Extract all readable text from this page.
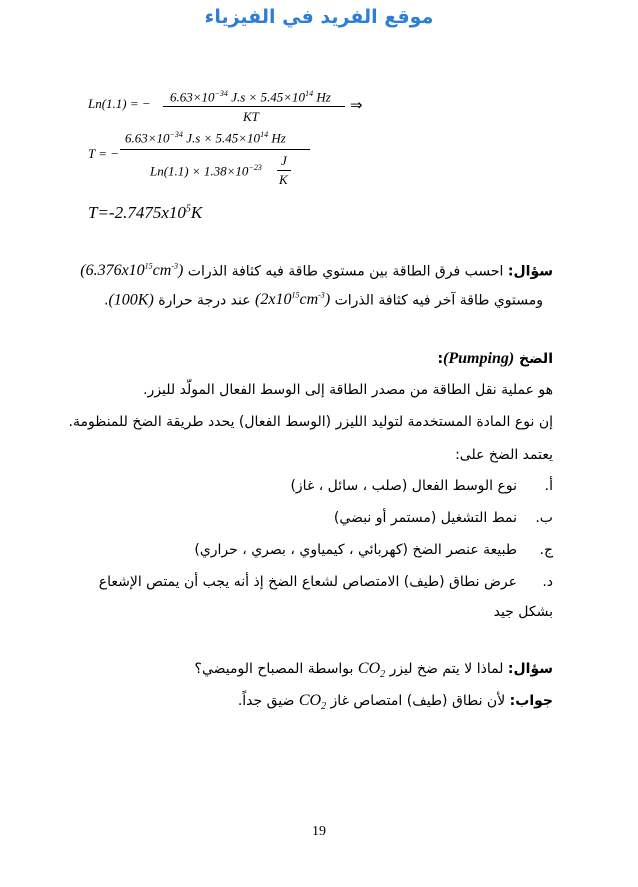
موقع الفريد في الفيزياء
Ln(1.1) = − $6.63\times 10^{-34}$ $J.s \times 5.45\times 10^{14}$ Hz
KT
⇒
T = −
$6.63\times 10^{-34}$ $J.s \times 5.45\times 10^{14}$ Hz
$Ln(1.1) \times 1.38\times 10^{-23}$ J
K
$T=-2.7475x10^5K$
سؤال: احسب فرق الطاقة بين مستوي طاقة فيه كثافة الذرات $(6.376x10^{15}cm^{-3})$
ومستوي طاقة آخر فيه كثافة الذرات $(2x10^{15}cm^{-3})$ عند درجة حرارة (100K).
الضخ (Pumping):
هو عملية نقل الطاقة من مصدر الطاقة إلى الوسط الفعال المولّد لليزر.
إن نوع المادة المستخدمة لتوليد الليزر (الوسط الفعال) يحدد طريقة الضخ للمنظومة.
يعتمد الضخ على:
أ.نوع الوسط الفعال (صلب ، سائل ، غاز)
ب.نمط التشغيل (مستمر أو نبضي)
ج.طبيعة عنصر الضخ (كهربائي ، كيمياوي ، بصري ، حراري)
د.عرض نطاق (طيف) الامتصاص لشعاع الضخ إذ أنه يجب أن يمتص الإشعاع
بشكل جيد
سؤال: لماذا لا يتم ضخ ليزر $CO_2$ بواسطة المصباح الوميضي؟
جواب: لأن نطاق (طيف) امتصاص غاز $CO_2$ ضيق جداً.
19
